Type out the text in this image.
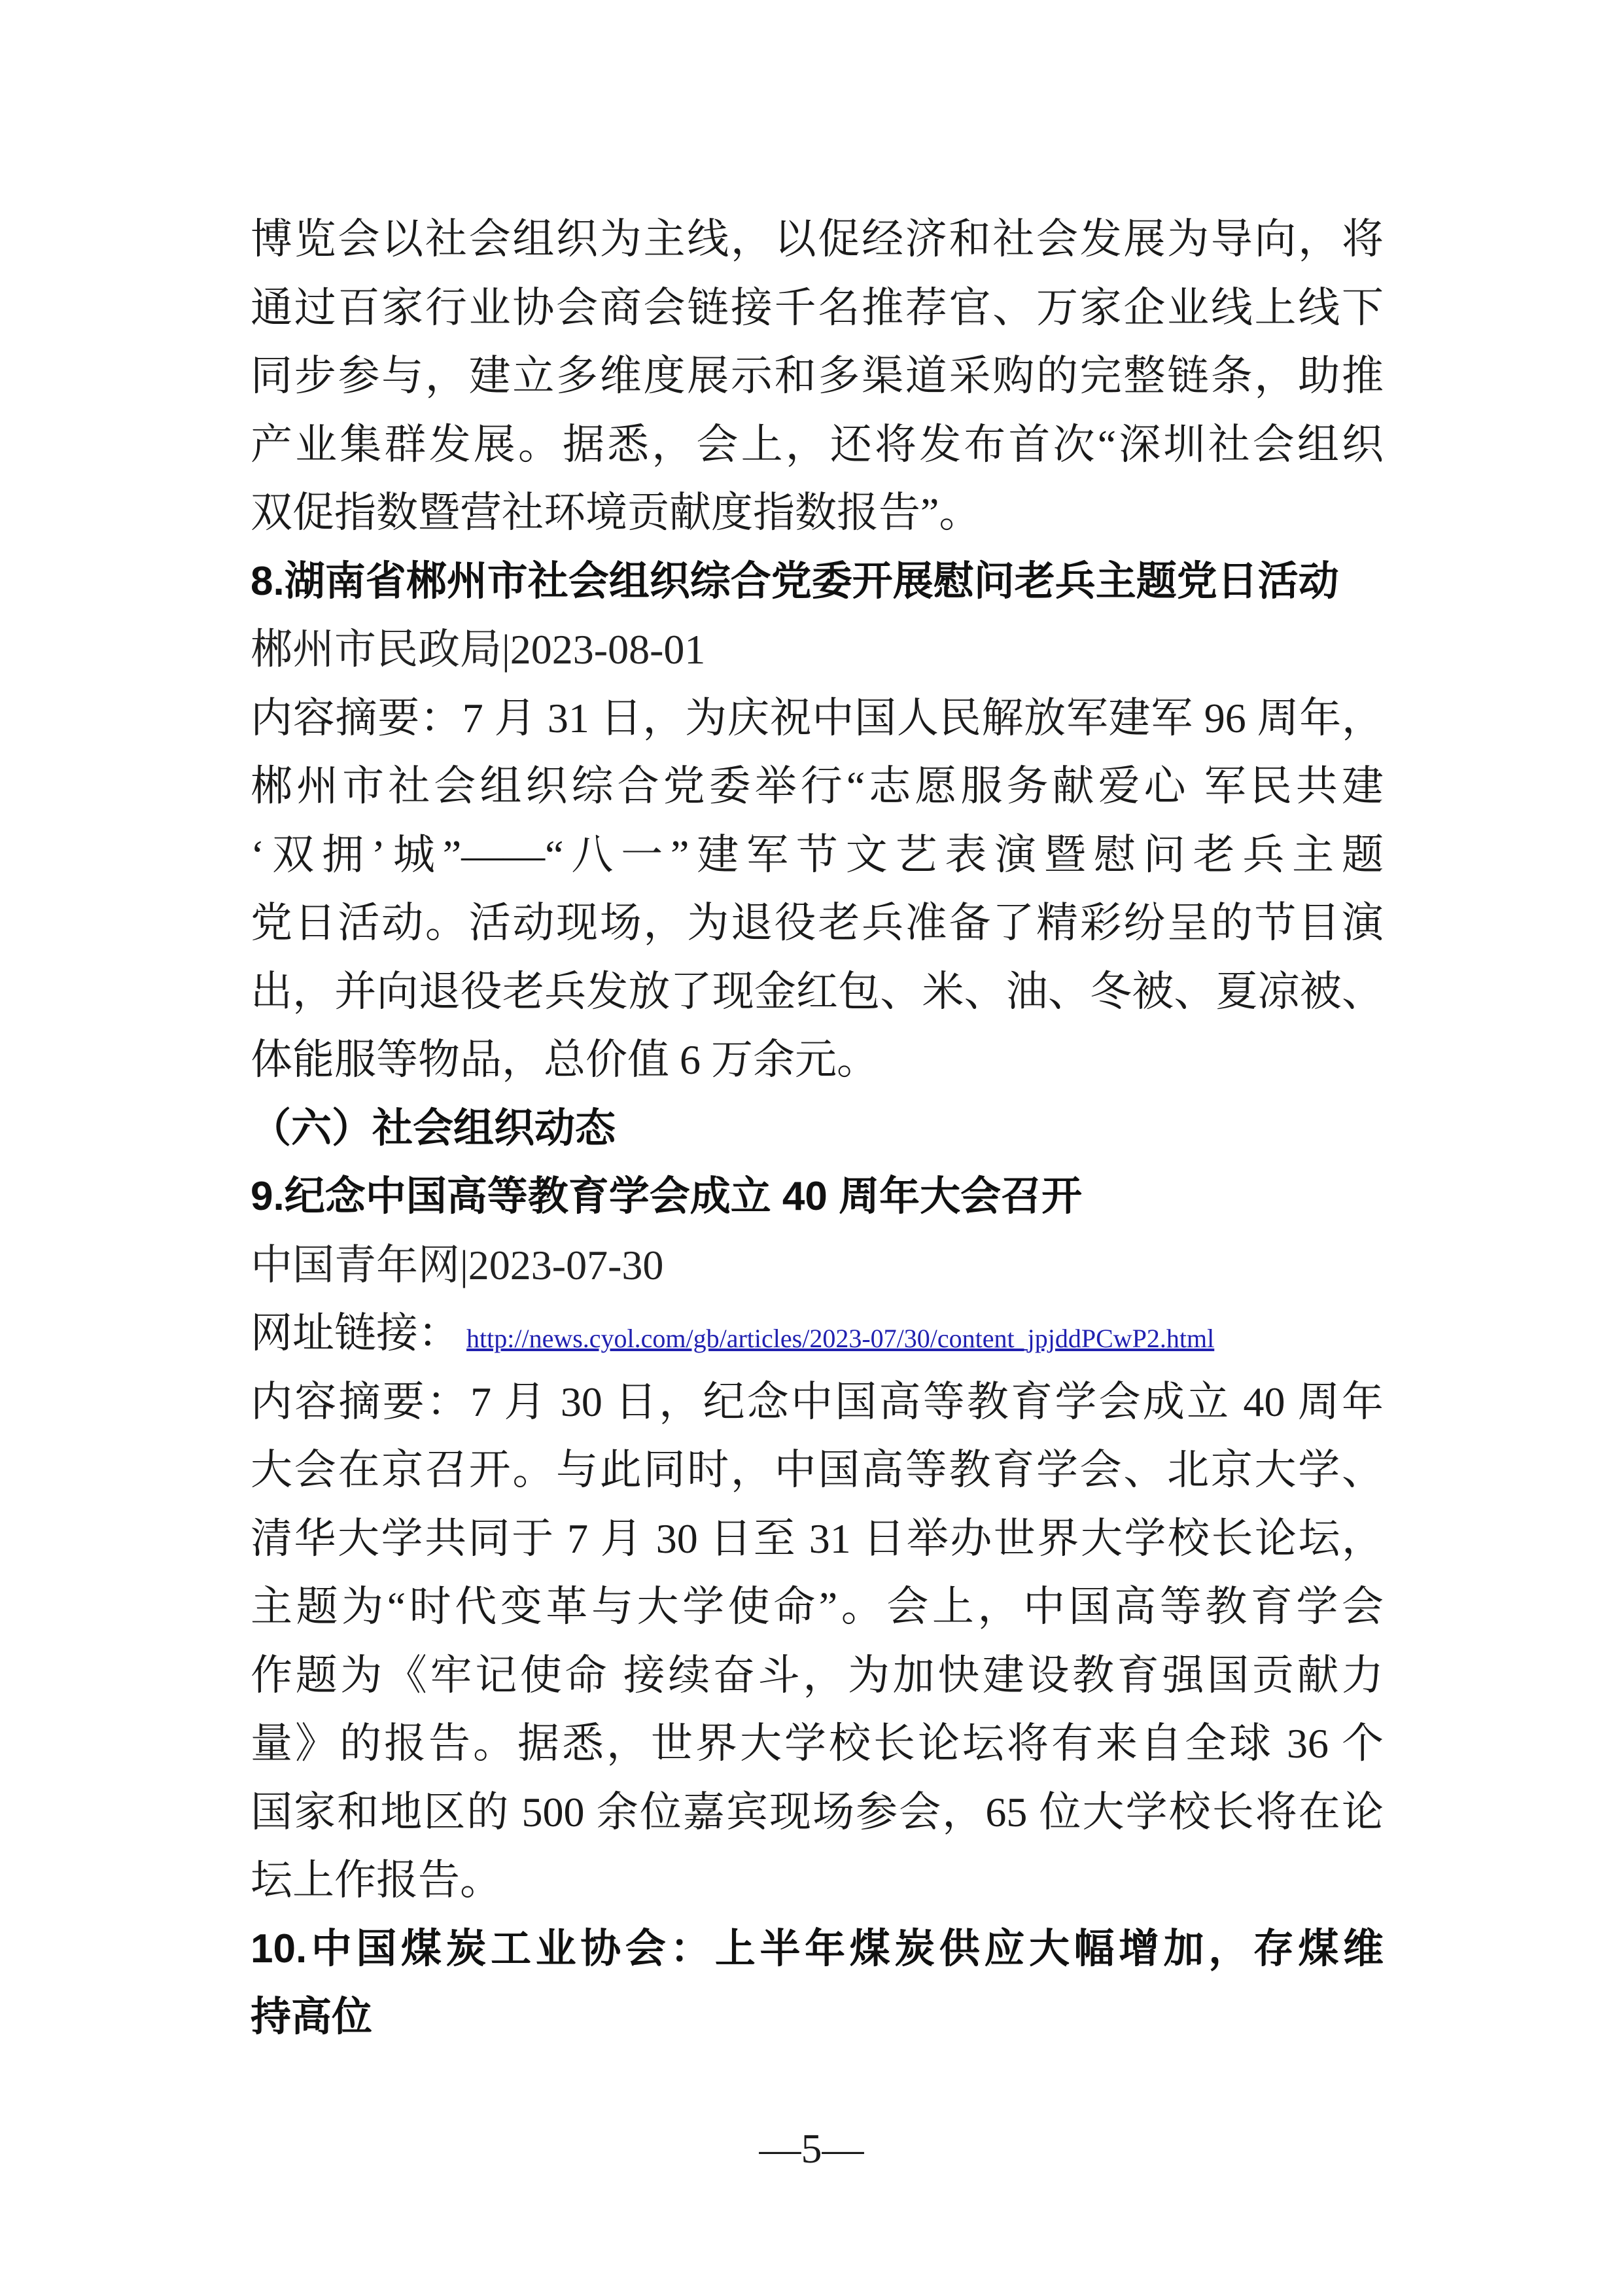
博览会以社会组织为主线，以促经济和社会发展为导向，将
通过百家行业协会商会链接千名推荐官、万家企业线上线下
同步参与，建立多维度展示和多渠道采购的完整链条，助推
产业集群发展。据悉，会上，还将发布首次“深圳社会组织
双促指数暨营社环境贡献度指数报告”。
8.湖南省郴州市社会组织综合党委开展慰问老兵主题党日活动
郴州市民政局|2023-08-01
内容摘要：7 月 31 日，为庆祝中国人民解放军建军 96 周年，
郴州市社会组织综合党委举行“志愿服务献爱心 军民共建
‘双拥’城”——“八一”建军节文艺表演暨慰问老兵主题
党日活动。活动现场，为退役老兵准备了精彩纷呈的节目演
出，并向退役老兵发放了现金红包、米、油、冬被、夏凉被、
体能服等物品，总价值 6 万余元。
（六）社会组织动态
9.纪念中国高等教育学会成立 40 周年大会召开
中国青年网|2023-07-30
网址链接： http://news.cyol.com/gb/articles/2023-07/30/content_jpjddPCwP2.html
内容摘要：7 月 30 日，纪念中国高等教育学会成立 40 周年
大会在京召开。与此同时，中国高等教育学会、北京大学、
清华大学共同于 7 月 30 日至 31 日举办世界大学校长论坛，
主题为“时代变革与大学使命”。会上，中国高等教育学会
作题为《牢记使命 接续奋斗，为加快建设教育强国贡献力
量》的报告。据悉，世界大学校长论坛将有来自全球 36 个
国家和地区的 500 余位嘉宾现场参会，65 位大学校长将在论
坛上作报告。
10.中国煤炭工业协会：上半年煤炭供应大幅增加，存煤维
持高位
—5—
